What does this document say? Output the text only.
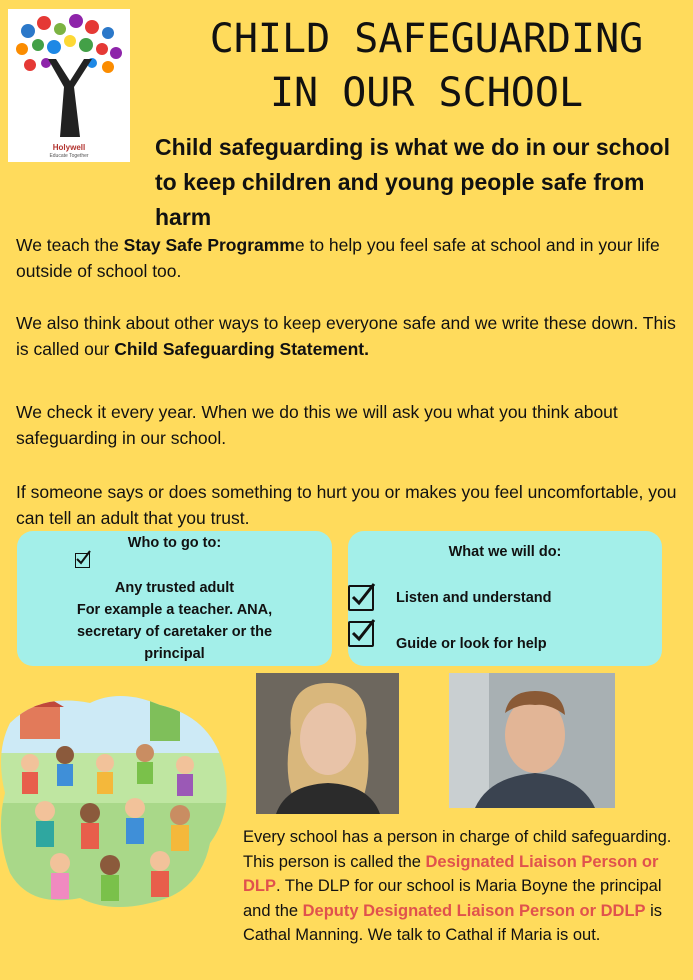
Holywell
Educate Together
CHILD SAFEGUARDING
IN OUR SCHOOL

Child safeguarding is what we do in our school to keep children and young people safe from harm

We teach the Stay Safe Programme to help you feel safe at school and in your life outside of school too.

We also think about other ways to keep everyone safe and we write these down. This is called our Child Safeguarding Statement.

We check it every year. When we do this we will ask you what you think about safeguarding in our school.

If someone says or does something to hurt you or makes you feel uncomfortable, you can tell an adult that you trust.

Who to go to:
Any trusted adult
For example a teacher. ANA,
secretary of caretaker or the
principal
What we will do:
Listen and understand
Guide or look for help

Every school has a person in charge of child safeguarding. This person is called the Designated Liaison Person or DLP. The DLP for our school is Maria Boyne the principal and the Deputy Designated Liaison Person or DDLP is Cathal Manning. We talk to Cathal if Maria is out.
